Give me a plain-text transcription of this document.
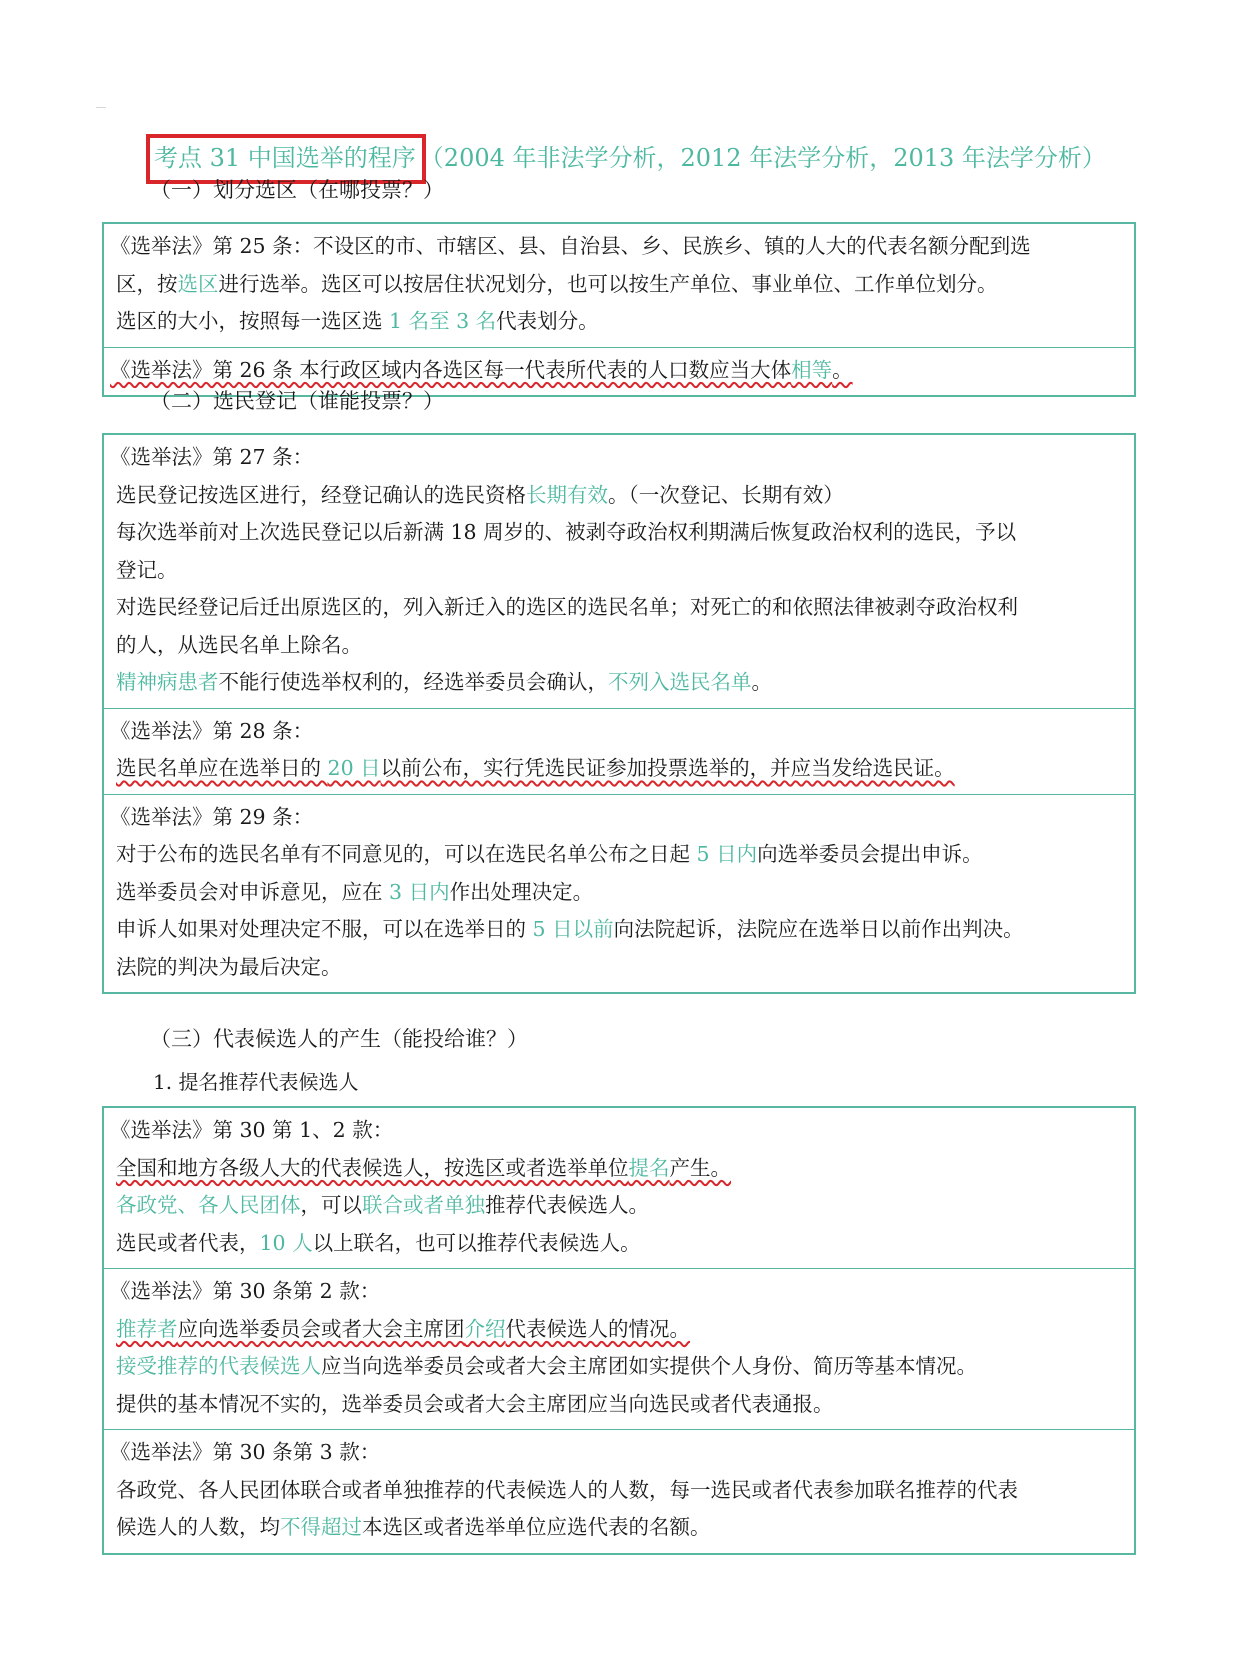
考点 31 中国选举的程序 （2004 年非法学分析，2012 年法学分析，2013 年法学分析）
（一）划分选区（在哪投票？）
《选举法》第 25 条：不设区的市、市辖区、县、自治县、乡、民族乡、镇的人大的代表名额分配到选
区，按选区进行选举。选区可以按居住状况划分，也可以按生产单位、事业单位、工作单位划分。
选区的大小，按照每一选区选 1 名至 3 名代表划分。
《选举法》第 26 条 本行政区域内各选区每一代表所代表的人口数应当大体相等。
（二）选民登记（谁能投票？）
《选举法》第 27 条：
选民登记按选区进行，经登记确认的选民资格长期有效。（一次登记、长期有效）
每次选举前对上次选民登记以后新满 18 周岁的、被剥夺政治权利期满后恢复政治权利的选民，予以
登记。
对选民经登记后迁出原选区的，列入新迁入的选区的选民名单；对死亡的和依照法律被剥夺政治权利
的人，从选民名单上除名。
精神病患者不能行使选举权利的，经选举委员会确认，不列入选民名单。
《选举法》第 28 条：
选民名单应在选举日的 20 日以前公布，实行凭选民证参加投票选举的，并应当发给选民证。
《选举法》第 29 条：
对于公布的选民名单有不同意见的，可以在选民名单公布之日起 5 日内向选举委员会提出申诉。
选举委员会对申诉意见，应在 3 日内作出处理决定。
申诉人如果对处理决定不服，可以在选举日的 5 日以前向法院起诉，法院应在选举日以前作出判决。
法院的判决为最后决定。
（三）代表候选人的产生（能投给谁？）
1. 提名推荐代表候选人
《选举法》第 30 第 1、2 款：
全国和地方各级人大的代表候选人，按选区或者选举单位提名产生。
各政党、各人民团体，可以联合或者单独推荐代表候选人。
选民或者代表，10 人以上联名，也可以推荐代表候选人。
《选举法》第 30 条第 2 款：
推荐者应向选举委员会或者大会主席团介绍代表候选人的情况。
接受推荐的代表候选人应当向选举委员会或者大会主席团如实提供个人身份、简历等基本情况。
提供的基本情况不实的，选举委员会或者大会主席团应当向选民或者代表通报。
《选举法》第 30 条第 3 款：
各政党、各人民团体联合或者单独推荐的代表候选人的人数，每一选民或者代表参加联名推荐的代表
候选人的人数，均不得超过本选区或者选举单位应选代表的名额。
